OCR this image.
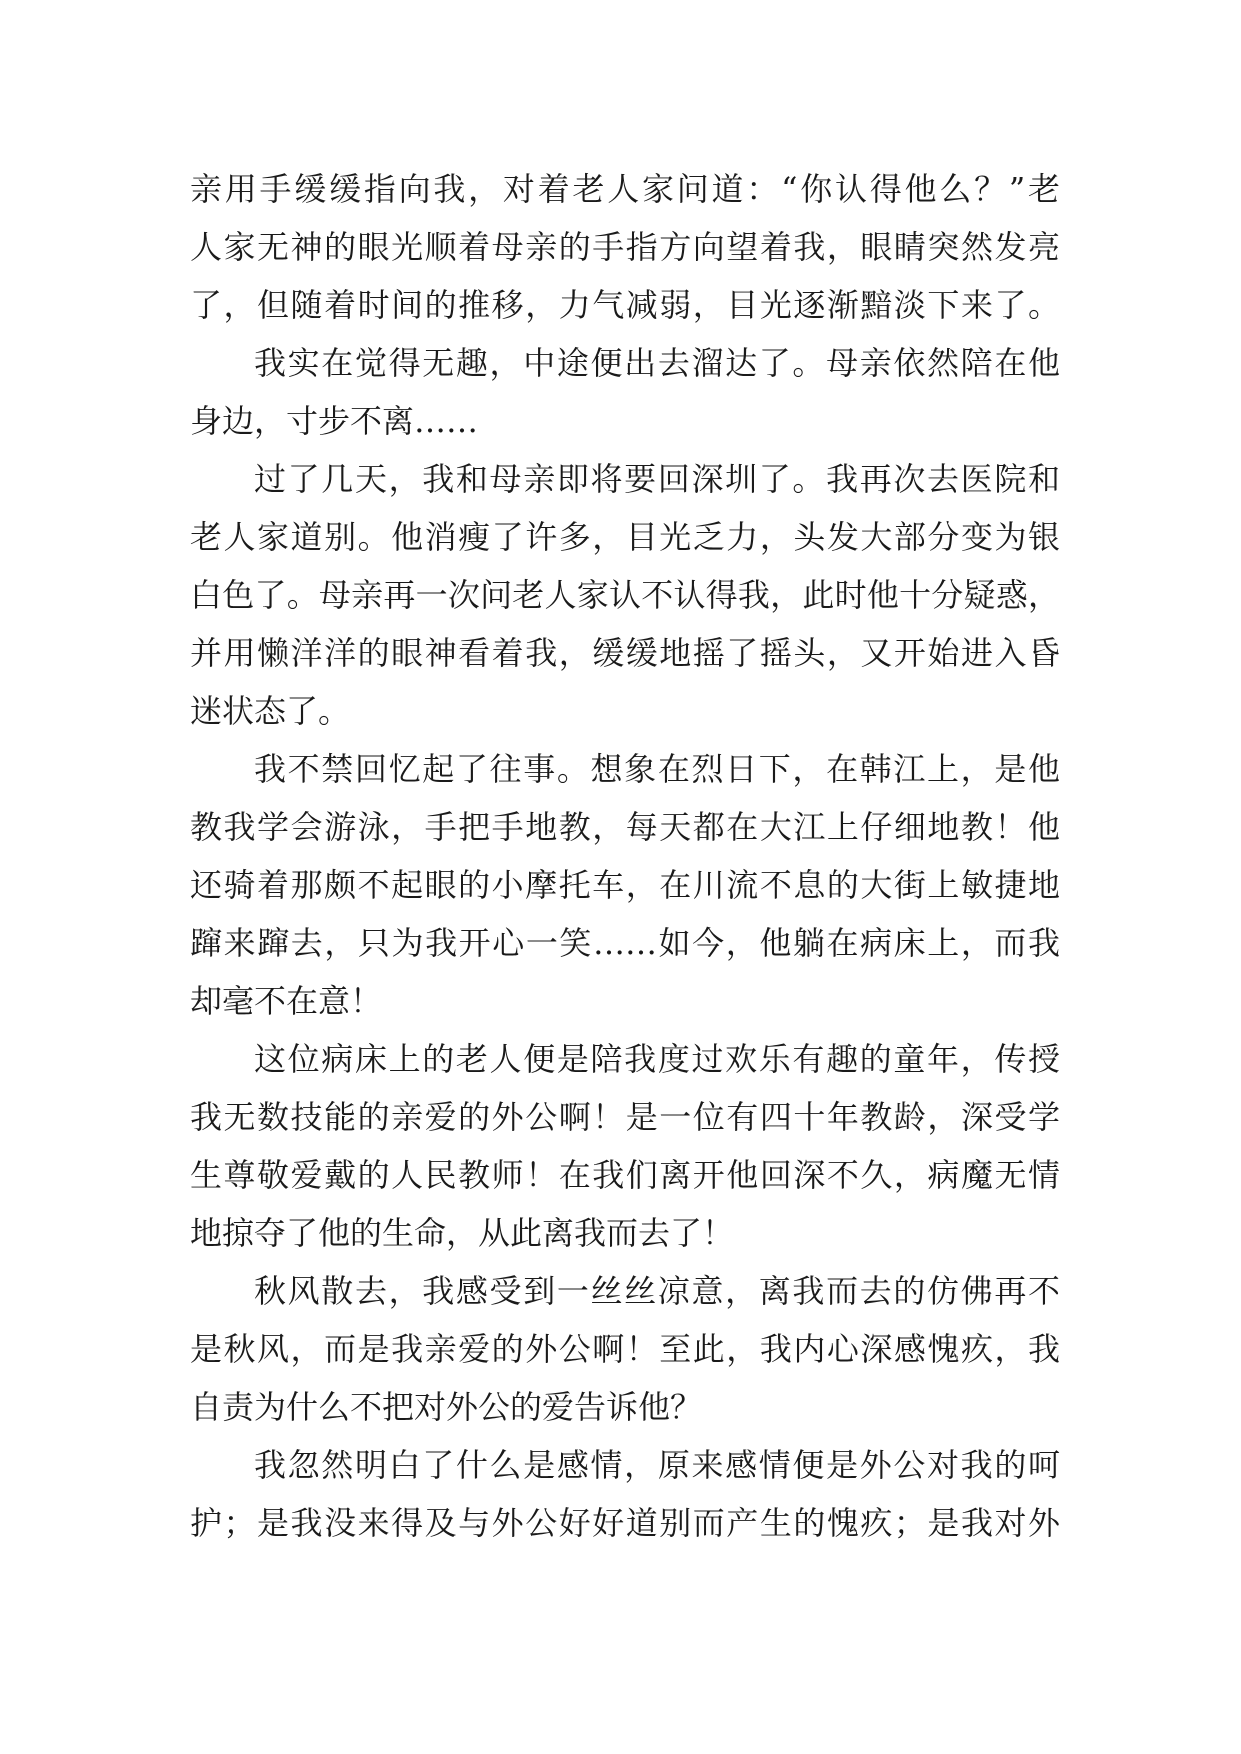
亲用手缓缓指向我，对着老人家问道：“你认得他么？”老
人家无神的眼光顺着母亲的手指方向望着我，眼睛突然发亮
了，但随着时间的推移，力气减弱，目光逐渐黯淡下来了。
我实在觉得无趣，中途便出去溜达了。母亲依然陪在他
身边，寸步不离……
过了几天，我和母亲即将要回深圳了。我再次去医院和
老人家道别。他消瘦了许多，目光乏力，头发大部分变为银
白色了。母亲再一次问老人家认不认得我，此时他十分疑惑，
并用懒洋洋的眼神看着我，缓缓地摇了摇头，又开始进入昏
迷状态了。
我不禁回忆起了往事。想象在烈日下，在韩江上，是他
教我学会游泳，手把手地教，每天都在大江上仔细地教！他
还骑着那颇不起眼的小摩托车，在川流不息的大街上敏捷地
蹿来蹿去，只为我开心一笑……如今，他躺在病床上，而我
却毫不在意！
这位病床上的老人便是陪我度过欢乐有趣的童年，传授
我无数技能的亲爱的外公啊！是一位有四十年教龄，深受学
生尊敬爱戴的人民教师！在我们离开他回深不久，病魔无情
地掠夺了他的生命，从此离我而去了！
秋风散去，我感受到一丝丝凉意，离我而去的仿佛再不
是秋风，而是我亲爱的外公啊！至此，我内心深感愧疚，我
自责为什么不把对外公的爱告诉他？
我忽然明白了什么是感情，原来感情便是外公对我的呵
护；是我没来得及与外公好好道别而产生的愧疚；是我对外
